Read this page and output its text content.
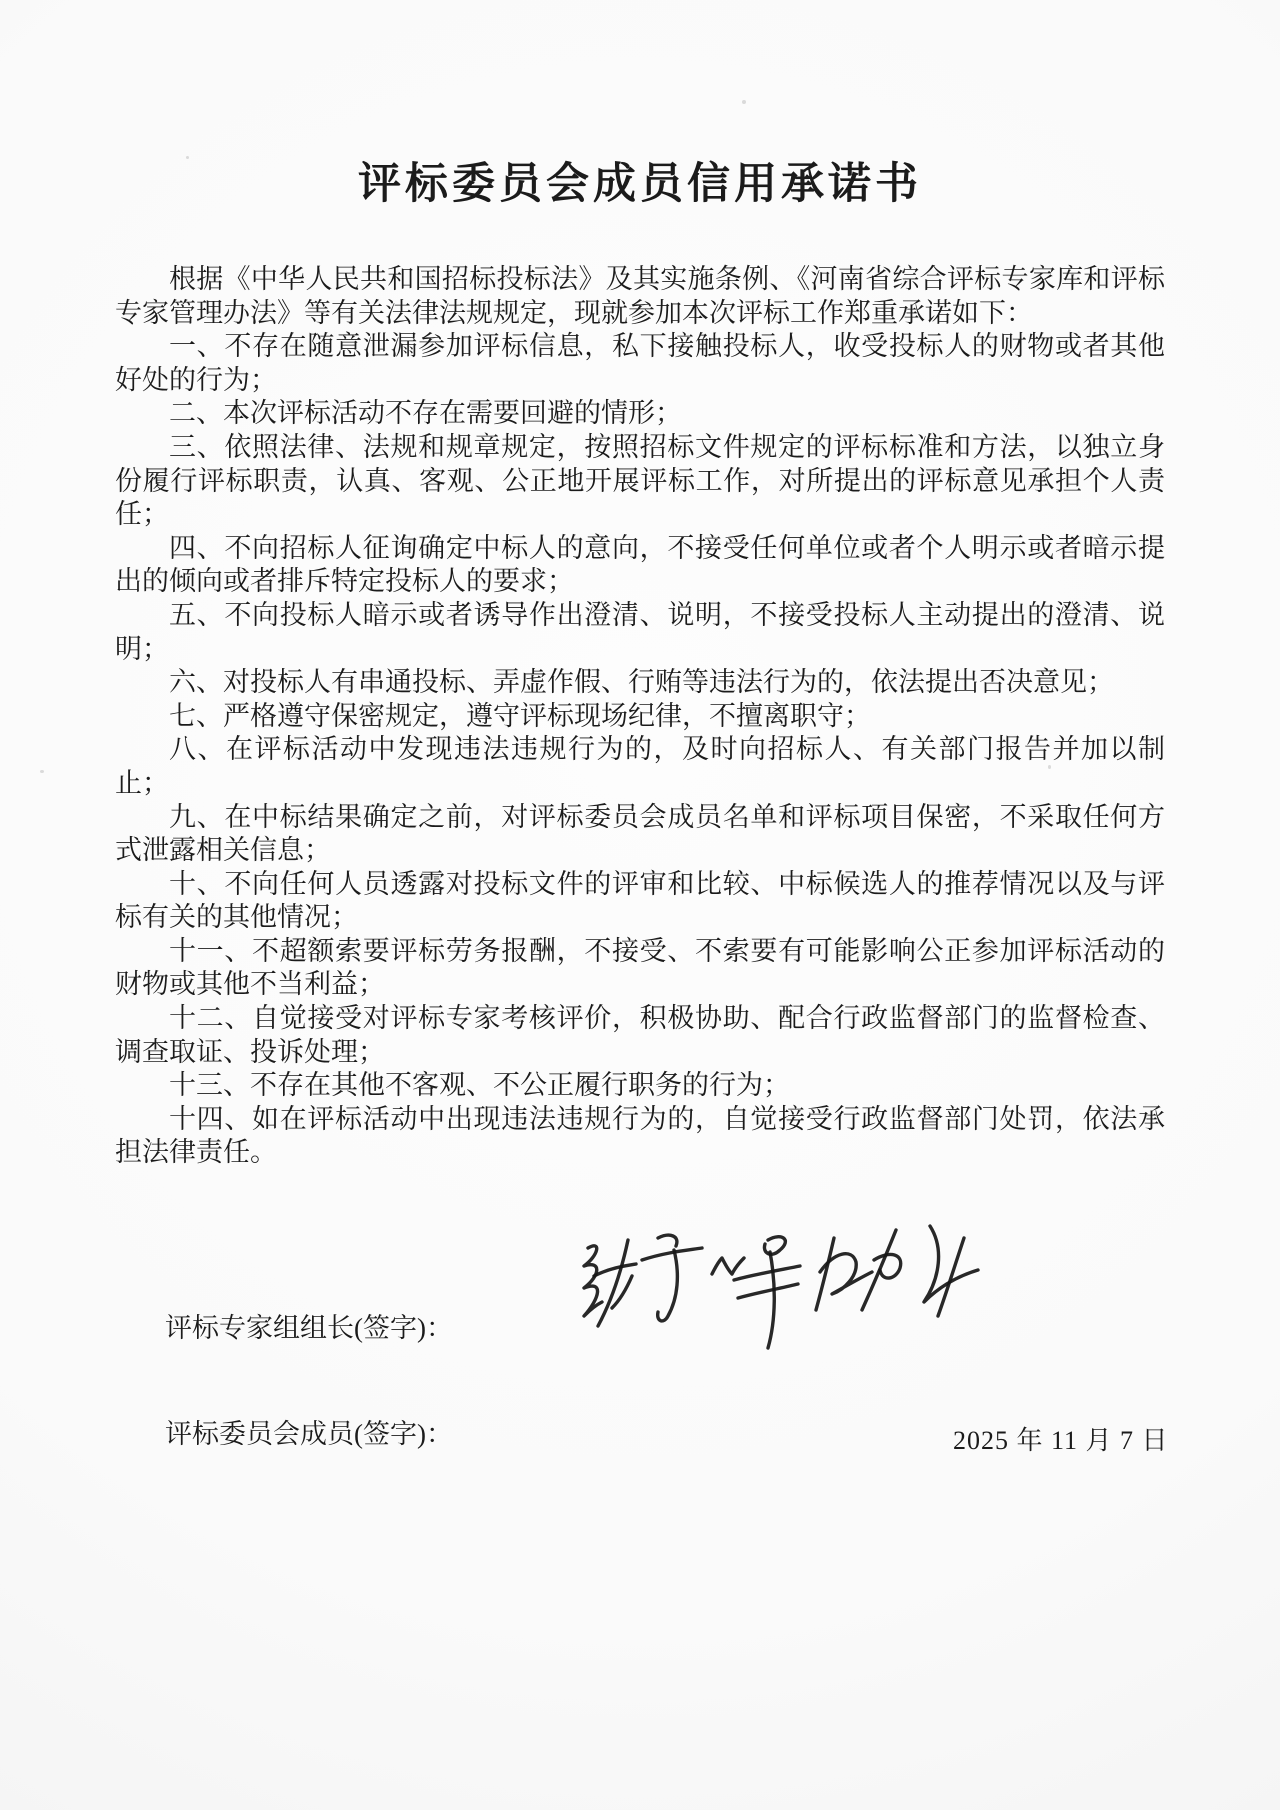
评标委员会成员信用承诺书
根据《中华人民共和国招标投标法》及其实施条例、《河南省综合评标专家库和评标专家管理办法》等有关法律法规规定，现就参加本次评标工作郑重承诺如下：
一、不存在随意泄漏参加评标信息，私下接触投标人，收受投标人的财物或者其他好处的行为；
二、本次评标活动不存在需要回避的情形；
三、依照法律、法规和规章规定，按照招标文件规定的评标标准和方法，以独立身份履行评标职责，认真、客观、公正地开展评标工作，对所提出的评标意见承担个人责任；
四、不向招标人征询确定中标人的意向，不接受任何单位或者个人明示或者暗示提出的倾向或者排斥特定投标人的要求；
五、不向投标人暗示或者诱导作出澄清、说明，不接受投标人主动提出的澄清、说明；
六、对投标人有串通投标、弄虚作假、行贿等违法行为的，依法提出否决意见；
七、严格遵守保密规定，遵守评标现场纪律，不擅离职守；
八、在评标活动中发现违法违规行为的，及时向招标人、有关部门报告并加以制止；
九、在中标结果确定之前，对评标委员会成员名单和评标项目保密，不采取任何方式泄露相关信息；
十、不向任何人员透露对投标文件的评审和比较、中标候选人的推荐情况以及与评标有关的其他情况；
十一、不超额索要评标劳务报酬，不接受、不索要有可能影响公正参加评标活动的财物或其他不当利益；
十二、自觉接受对评标专家考核评价，积极协助、配合行政监督部门的监督检查、调查取证、投诉处理；
十三、不存在其他不客观、不公正履行职务的行为；
十四、如在评标活动中出现违法违规行为的，自觉接受行政监督部门处罚，依法承担法律责任。
评标专家组组长(签字)：
评标委员会成员(签字)：	2025 年 11 月 7 日
